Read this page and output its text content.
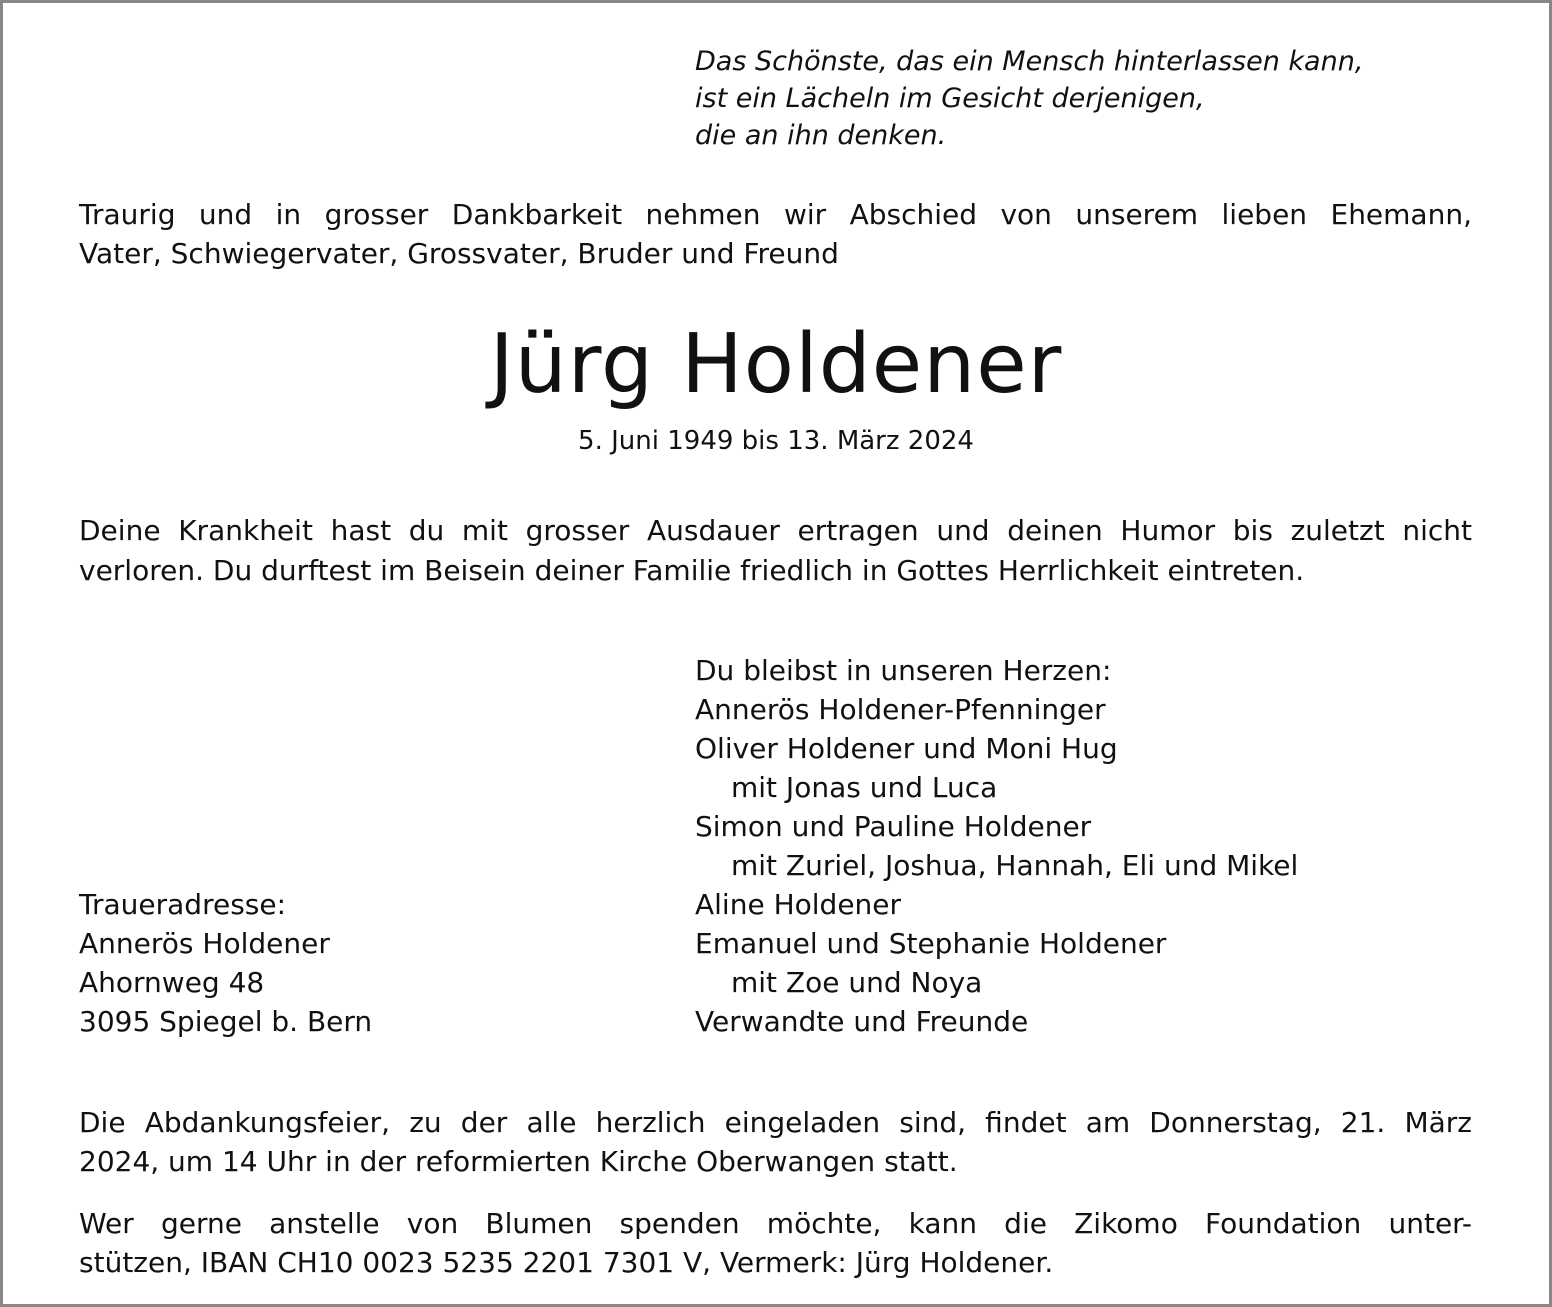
Das Schönste, das ein Mensch hinterlassen kann,
ist ein Lächeln im Gesicht derjenigen,
die an ihn denken.
Traurig und in grosser Dankbarkeit nehmen wir Abschied von unserem lieben Ehemann,
Vater, Schwiegervater, Grossvater, Bruder und Freund
Jürg Holdener
5. Juni 1949 bis 13. März 2024
Deine Krankheit hast du mit grosser Ausdauer ertragen und deinen Humor bis zuletzt nicht
verloren. Du durftest im Beisein deiner Familie friedlich in Gottes Herrlichkeit eintreten.
Du bleibst in unseren Herzen:
Annerös Holdener-Pfenninger
Oliver Holdener und Moni Hug
mit Jonas und Luca
Simon und Pauline Holdener
mit Zuriel, Joshua, Hannah, Eli und Mikel
Aline Holdener
Emanuel und Stephanie Holdener
mit Zoe und Noya
Verwandte und Freunde
Traueradresse:
Annerös Holdener
Ahornweg 48
3095 Spiegel b. Bern
Die Abdankungsfeier, zu der alle herzlich eingeladen sind, findet am Donnerstag, 21. März
2024, um 14 Uhr in der reformierten Kirche Oberwangen statt.
Wer gerne anstelle von Blumen spenden möchte, kann die Zikomo Foundation unter-
stützen, IBAN CH10 0023 5235 2201 7301 V, Vermerk: Jürg Holdener.
